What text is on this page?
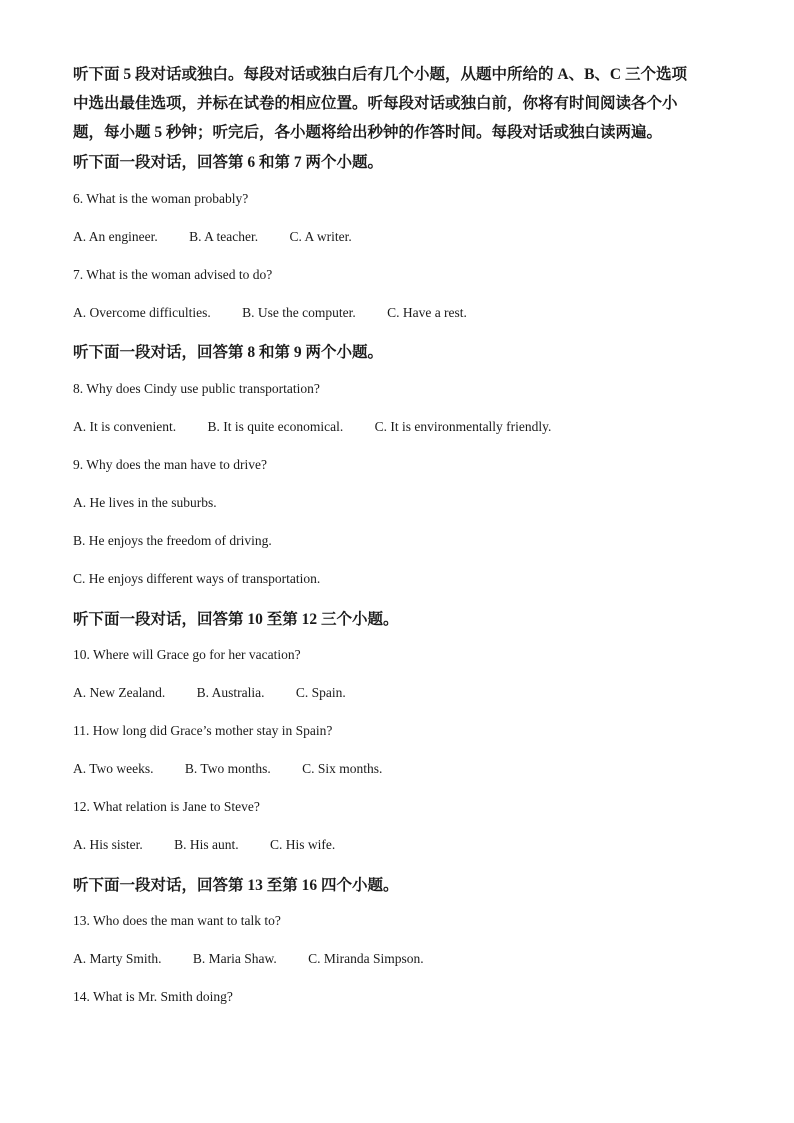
听下面 5 段对话或独白。每段对话或独白后有几个小题，从题中所给的 A、B、C 三个选项
中选出最佳选项，并标在试卷的相应位置。听每段对话或独白前，你将有时间阅读各个小
题，每小题 5 秒钟；听完后，各小题将给出秒钟的作答时间。每段对话或独白读两遍。
听下面一段对话，回答第 6 和第 7 两个小题。
6. What is the woman probably?
A. An engineer. B. A teacher. C. A writer.
7. What is the woman advised to do?
A. Overcome difficulties. B. Use the computer. C. Have a rest.
听下面一段对话，回答第 8 和第 9 两个小题。
8. Why does Cindy use public transportation?
A. It is convenient. B. It is quite economical. C. It is environmentally friendly.
9. Why does the man have to drive?
A. He lives in the suburbs.
B. He enjoys the freedom of driving.
C. He enjoys different ways of transportation.
听下面一段对话，回答第 10 至第 12 三个小题。
10. Where will Grace go for her vacation?
A. New Zealand. B. Australia. C. Spain.
11. How long did Grace’s mother stay in Spain?
A. Two weeks. B. Two months. C. Six months.
12. What relation is Jane to Steve?
A. His sister. B. His aunt. C. His wife.
听下面一段对话，回答第 13 至第 16 四个小题。
13. Who does the man want to talk to?
A. Marty Smith. B. Maria Shaw. C. Miranda Simpson.
14. What is Mr. Smith doing?
